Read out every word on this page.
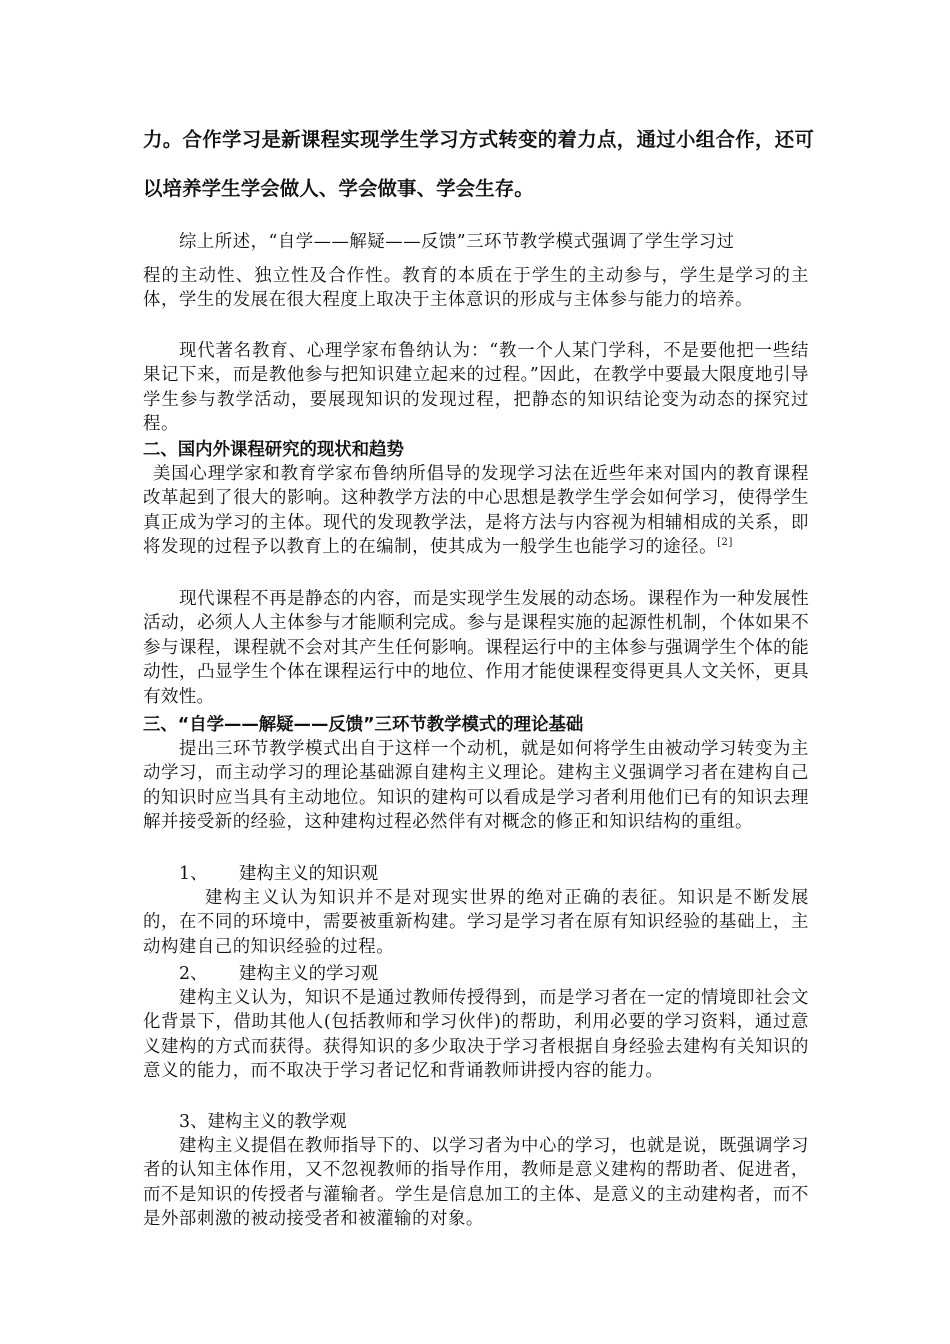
力。合作学习是新课程实现学生学习方式转变的着力点，通过小组合作，还可
以培养学生学会做人、学会做事、学会生存。
综上所述，“自学——解疑——反馈”三环节教学模式强调了学生学习过

程的主动性、独立性及合作性。教育的本质在于学生的主动参与，学生是学习的主体，学生的发展在很大程度上取决于主体意识的形成与主体参与能力的培养。

现代著名教育、心理学家布鲁纳认为：“教一个人某门学科，不是要他把一些结果记下来，而是教他参与把知识建立起来的过程。”因此，在教学中要最大限度地引导学生参与教学活动，要展现知识的发现过程，把静态的知识结论变为动态的探究过程。

二、国内外课程研究的现状和趋势

美国心理学家和教育学家布鲁纳所倡导的发现学习法在近些年来对国内的教育课程改革起到了很大的影响。这种教学方法的中心思想是教学生学会如何学习，使得学生真正成为学习的主体。现代的发现教学法，是将方法与内容视为相辅相成的关系，即将发现的过程予以教育上的在编制，使其成为一般学生也能学习的途径。[2]

现代课程不再是静态的内容，而是实现学生发展的动态场。课程作为一种发展性活动，必须人人主体参与才能顺利完成。参与是课程实施的起源性机制，个体如果不参与课程，课程就不会对其产生任何影响。课程运行中的主体参与强调学生个体的能动性，凸显学生个体在课程运行中的地位、作用才能使课程变得更具人文关怀，更具有效性。

三、“自学——解疑——反馈”三环节教学模式的理论基础

提出三环节教学模式出自于这样一个动机，就是如何将学生由被动学习转变为主动学习，而主动学习的理论基础源自建构主义理论。建构主义强调学习者在建构自己的知识时应当具有主动地位。知识的建构可以看成是学习者利用他们已有的知识去理解并接受新的经验，这种建构过程必然伴有对概念的修正和知识结构的重组。

1、 建构主义的知识观

建构主义认为知识并不是对现实世界的绝对正确的表征。知识是不断发展的，在不同的环境中，需要被重新构建。学习是学习者在原有知识经验的基础上，主动构建自己的知识经验的过程。

2、 建构主义的学习观

建构主义认为，知识不是通过教师传授得到，而是学习者在一定的情境即社会文化背景下，借助其他人(包括教师和学习伙伴)的帮助，利用必要的学习资料，通过意义建构的方式而获得。获得知识的多少取决于学习者根据自身经验去建构有关知识的意义的能力，而不取决于学习者记忆和背诵教师讲授内容的能力。

3、建构主义的教学观

建构主义提倡在教师指导下的、以学习者为中心的学习，也就是说，既强调学习者的认知主体作用，又不忽视教师的指导作用，教师是意义建构的帮助者、促进者，而不是知识的传授者与灌输者。学生是信息加工的主体、是意义的主动建构者，而不是外部刺激的被动接受者和被灌输的对象。
